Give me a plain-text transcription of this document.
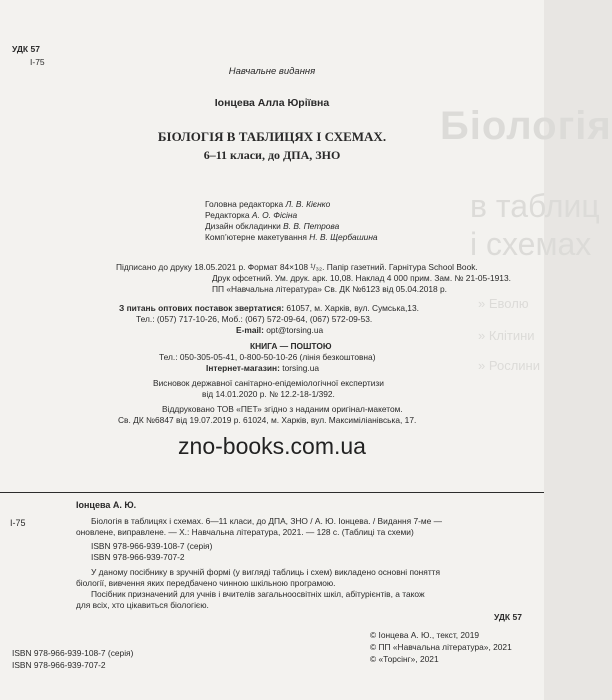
Біологія
в таблиц
і схемах
» Еволю
» Клітини
» Рослини
УДК 57
І-75
Навчальне видання
Іонцева Алла Юріївна
БІОЛОГІЯ В ТАБЛИЦЯХ І СХЕМАХ.
6–11 класи, до ДПА, ЗНО
Головна редакторка Л. В. Кієнко
Редакторка А. О. Фісіна
Дизайн обкладинки В. В. Петрова
Комп’ютерне макетування Н. В. Щербашина
Підписано до друку 18.05.2021 р. Формат 84×108 ¹/₃₂. Папір газетний. Гарнітура School Book.
Друк офсетний. Ум. друк. арк. 10,08. Наклад 4 000 прим. Зам. № 21-05-1913.
ПП «Навчальна література» Св. ДК №6123 від 05.04.2018 р.
З питань оптових поставок звертатися: 61057, м. Харків, вул. Сумська,13.
Тел.: (057) 717-10-26, Моб.: (067) 572-09-64, (067) 572-09-53.
E-mail: opt@torsing.ua
КНИГА — ПОШТОЮ
Тел.: 050-305-05-41, 0-800-50-10-26 (лінія безкоштовна)
Інтернет-магазин: torsing.ua
Висновок державної санітарно-епідеміологічної експертизи
від 14.01.2020 р. № 12.2-18-1/392.
Віддруковано ТОВ «ПЕТ» згідно з наданим оригінал-макетом.
Св. ДК №6847 від 19.07.2019 р. 61024, м. Харків, вул. Максиміліанівська, 17.
zno-books.com.ua
Іонцева А. Ю.
І-75	Біологія в таблицях і схемах. 6—11 класи, до ДПА, ЗНО / А. Ю. Іонцева. / Видання 7-ме —
оновлене, виправлене. — Х.: Навчальна література, 2021. — 128 с. (Таблиці та схеми)
ISBN 978-966-939-108-7 (серія)
ISBN 978-966-939-707-2
У даному посібнику в зручній формі (у вигляді таблиць і схем) викладено основні поняття
біології, вивчення яких передбачено чинною шкільною програмою.
Посібник призначений для учнів і вчителів загальноосвітніх шкіл, абітурієнтів, а також
для всіх, хто цікавиться біологією.
УДК 57
© Іонцева А. Ю., текст, 2019
© ПП «Навчальна література», 2021
© «Торсінг», 2021
ISBN 978-966-939-108-7 (серія)
ISBN 978-966-939-707-2
